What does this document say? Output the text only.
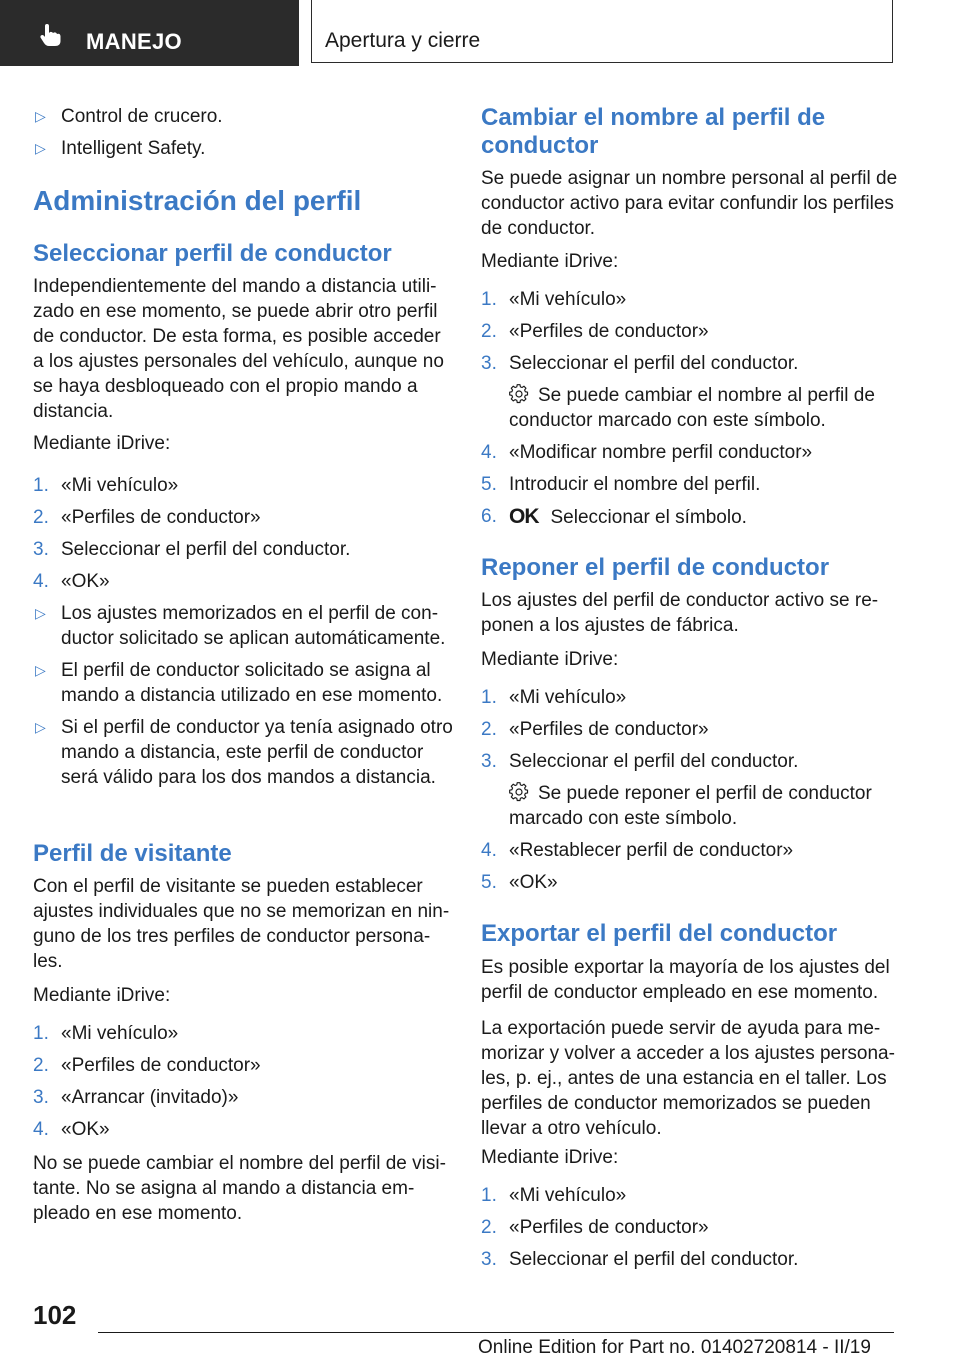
MANEJO	Apertura y cierre
▷ Control de crucero.
▷ Intelligent Safety.
Administración del perfil
Seleccionar perfil de conductor

Independientemente del mando a distancia utilizado en ese momento, se puede abrir otro perfil de conductor. De esta forma, es posible acceder a los ajustes personales del vehículo, aunque no se haya desbloqueado con el propio mando a distancia.

Mediante iDrive:

1. «Mi vehículo»
2. «Perfiles de conductor»
3. Seleccionar el perfil del conductor.
4. «OK»
▷ Los ajustes memorizados en el perfil de conductor solicitado se aplican automáticamente.
▷ El perfil de conductor solicitado se asigna al mando a distancia utilizado en ese momento.
▷ Si el perfil de conductor ya tenía asignado otro mando a distancia, este perfil de conductor será válido para los dos mandos a distancia.
Perfil de visitante

Con el perfil de visitante se pueden establecer ajustes individuales que no se memorizan en ninguno de los tres perfiles de conductor personales.

Mediante iDrive:

1. «Mi vehículo»
2. «Perfiles de conductor»
3. «Arrancar (invitado)»
4. «OK»

No se puede cambiar el nombre del perfil de visitante. No se asigna al mando a distancia empleado en ese momento.

Cambiar el nombre al perfil de conductor

Se puede asignar un nombre personal al perfil de conductor activo para evitar confundir los perfiles de conductor.

Mediante iDrive:

1. «Mi vehículo»
2. «Perfiles de conductor»
3. Seleccionar el perfil del conductor.
Se puede cambiar el nombre al perfil de conductor marcado con este símbolo.
4. «Modificar nombre perfil conductor»
5. Introducir el nombre del perfil.
6. OK Seleccionar el símbolo.
Reponer el perfil de conductor

Los ajustes del perfil de conductor activo se reponen a los ajustes de fábrica.

Mediante iDrive:

1. «Mi vehículo»
2. «Perfiles de conductor»
3. Seleccionar el perfil del conductor.
Se puede reponer el perfil de conductor marcado con este símbolo.
4. «Restablecer perfil de conductor»
5. «OK»
Exportar el perfil del conductor

Es posible exportar la mayoría de los ajustes del perfil de conductor empleado en ese momento.

La exportación puede servir de ayuda para memorizar y volver a acceder a los ajustes personales, p. ej., antes de una estancia en el taller. Los perfiles de conductor memorizados se pueden llevar a otro vehículo.

Mediante iDrive:

1. «Mi vehículo»
2. «Perfiles de conductor»
3. Seleccionar el perfil del conductor.
102
Online Edition for Part no. 01402720814 - II/19
